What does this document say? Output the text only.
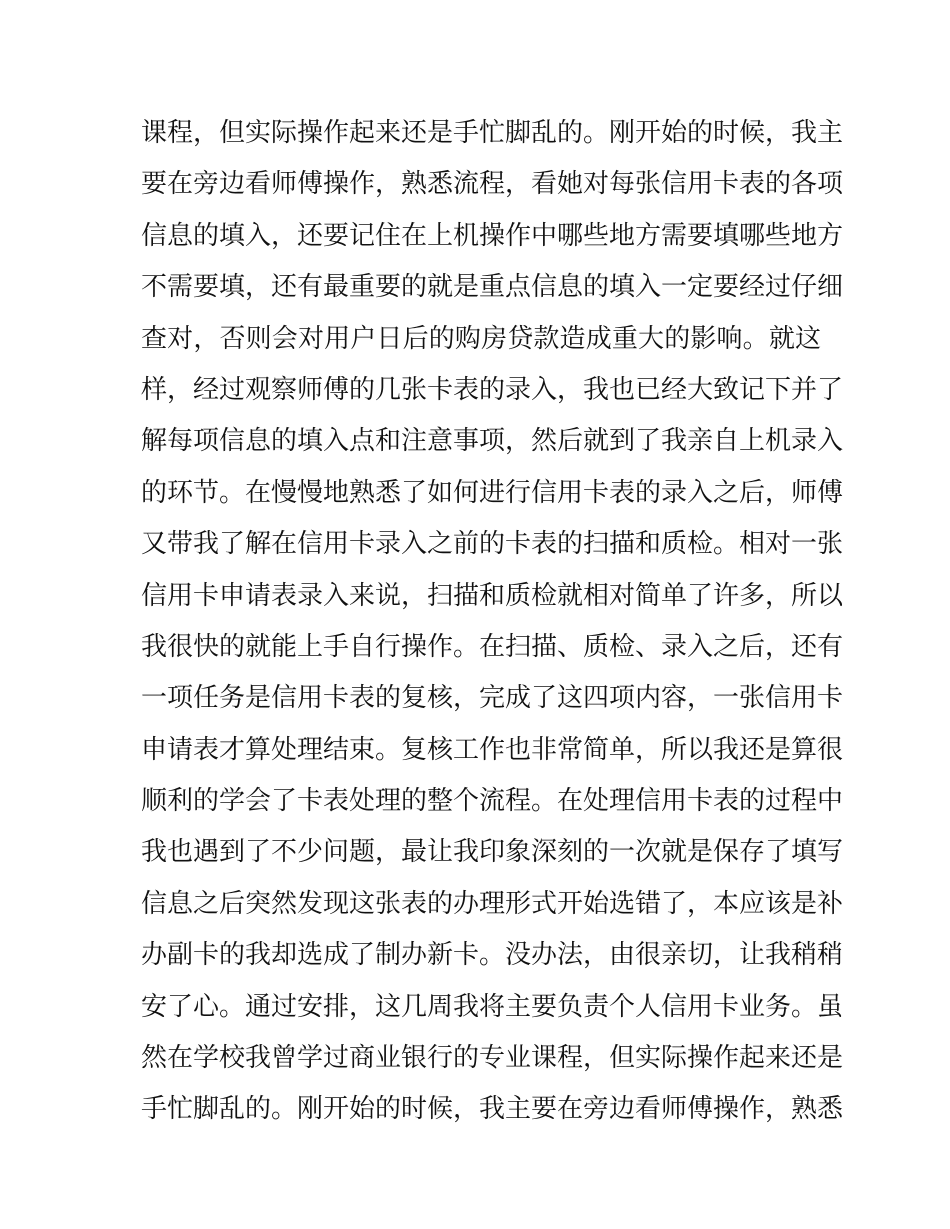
课程，但实际操作起来还是手忙脚乱的。刚开始的时候，我主
要在旁边看师傅操作，熟悉流程，看她对每张信用卡表的各项
信息的填入，还要记住在上机操作中哪些地方需要填哪些地方
不需要填，还有最重要的就是重点信息的填入一定要经过仔细
查对，否则会对用户日后的购房贷款造成重大的影响。就这
样，经过观察师傅的几张卡表的录入，我也已经大致记下并了
解每项信息的填入点和注意事项，然后就到了我亲自上机录入
的环节。在慢慢地熟悉了如何进行信用卡表的录入之后，师傅
又带我了解在信用卡录入之前的卡表的扫描和质检。相对一张
信用卡申请表录入来说，扫描和质检就相对简单了许多，所以
我很快的就能上手自行操作。在扫描、质检、录入之后，还有
一项任务是信用卡表的复核，完成了这四项内容，一张信用卡
申请表才算处理结束。复核工作也非常简单，所以我还是算很
顺利的学会了卡表处理的整个流程。在处理信用卡表的过程中
我也遇到了不少问题，最让我印象深刻的一次就是保存了填写
信息之后突然发现这张表的办理形式开始选错了，本应该是补
办副卡的我却选成了制办新卡。没办法，由很亲切，让我稍稍
安了心。通过安排，这几周我将主要负责个人信用卡业务。虽
然在学校我曾学过商业银行的专业课程，但实际操作起来还是
手忙脚乱的。刚开始的时候，我主要在旁边看师傅操作，熟悉
